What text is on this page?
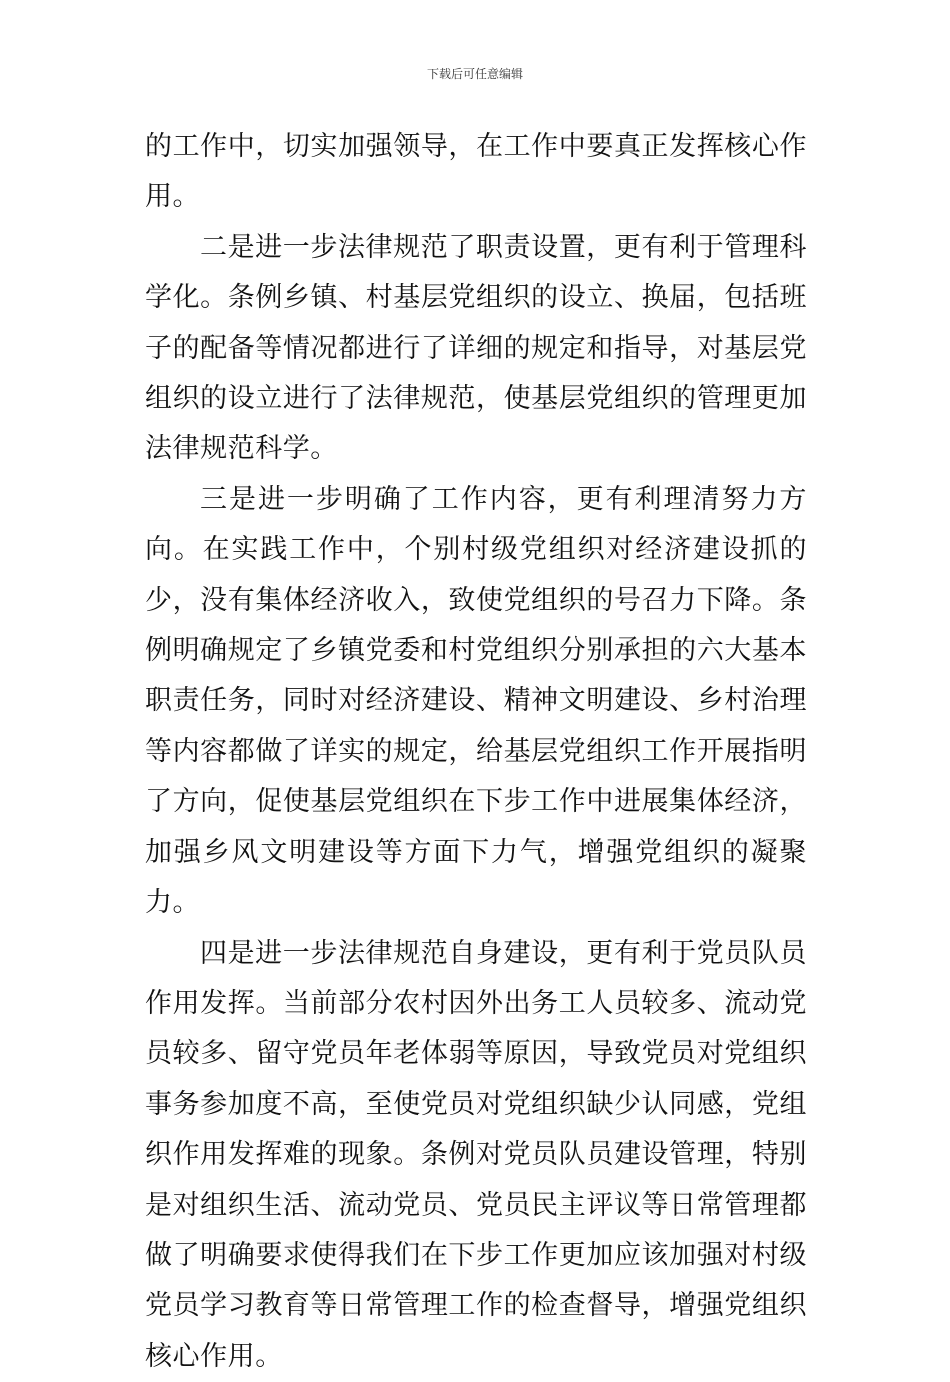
下载后可任意编辑

的工作中，切实加强领导，在工作中要真正发挥核心作用。

二是进一步法律规范了职责设置，更有利于管理科学化。条例乡镇、村基层党组织的设立、换届，包括班子的配备等情况都进行了详细的规定和指导，对基层党组织的设立进行了法律规范，使基层党组织的管理更加法律规范科学。

三是进一步明确了工作内容，更有利理清努力方向。在实践工作中，个别村级党组织对经济建设抓的少，没有集体经济收入，致使党组织的号召力下降。条例明确规定了乡镇党委和村党组织分别承担的六大基本职责任务，同时对经济建设、精神文明建设、乡村治理等内容都做了详实的规定，给基层党组织工作开展指明了方向，促使基层党组织在下步工作中进展集体经济，加强乡风文明建设等方面下力气，增强党组织的凝聚力。

四是进一步法律规范自身建设，更有利于党员队员作用发挥。当前部分农村因外出务工人员较多、流动党员较多、留守党员年老体弱等原因，导致党员对党组织事务参加度不高，至使党员对党组织缺少认同感，党组织作用发挥难的现象。条例对党员队员建设管理，特别是对组织生活、流动党员、党员民主评议等日常管理都做了明确要求使得我们在下步工作更加应该加强对村级党员学习教育等日常管理工作的检查督导，增强党组织核心作用。
